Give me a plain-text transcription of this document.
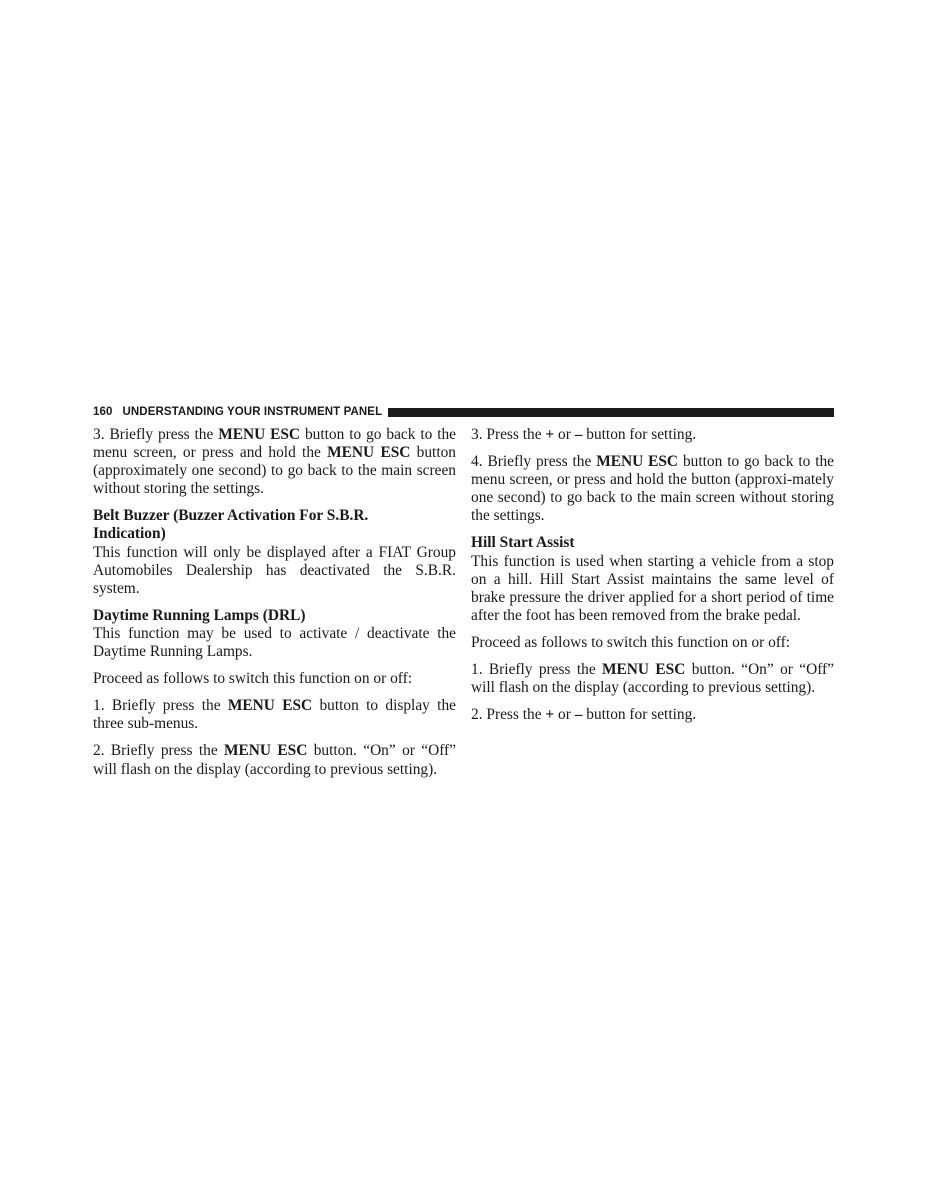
160 UNDERSTANDING YOUR INSTRUMENT PANEL

3. Briefly press the MENU ESC button to go back to the menu screen, or press and hold the MENU ESC button (approximately one second) to go back to the main screen without storing the settings.

Belt Buzzer (Buzzer Activation For S.B.R.
Indication)

This function will only be displayed after a FIAT Group Automobiles Dealership has deactivated the S.B.R. system.

Daytime Running Lamps (DRL)

This function may be used to activate / deactivate the Daytime Running Lamps.

Proceed as follows to switch this function on or off:

1. Briefly press the MENU ESC button to display the three sub-menus.

2. Briefly press the MENU ESC button. “On” or “Off” will flash on the display (according to previous setting).

3. Press the + or – button for setting.

4. Briefly press the MENU ESC button to go back to the menu screen, or press and hold the button (approxi-mately one second) to go back to the main screen without storing the settings.

Hill Start Assist

This function is used when starting a vehicle from a stop on a hill. Hill Start Assist maintains the same level of brake pressure the driver applied for a short period of time after the foot has been removed from the brake pedal.

Proceed as follows to switch this function on or off:

1. Briefly press the MENU ESC button. “On” or “Off” will flash on the display (according to previous setting).

2. Press the + or – button for setting.
